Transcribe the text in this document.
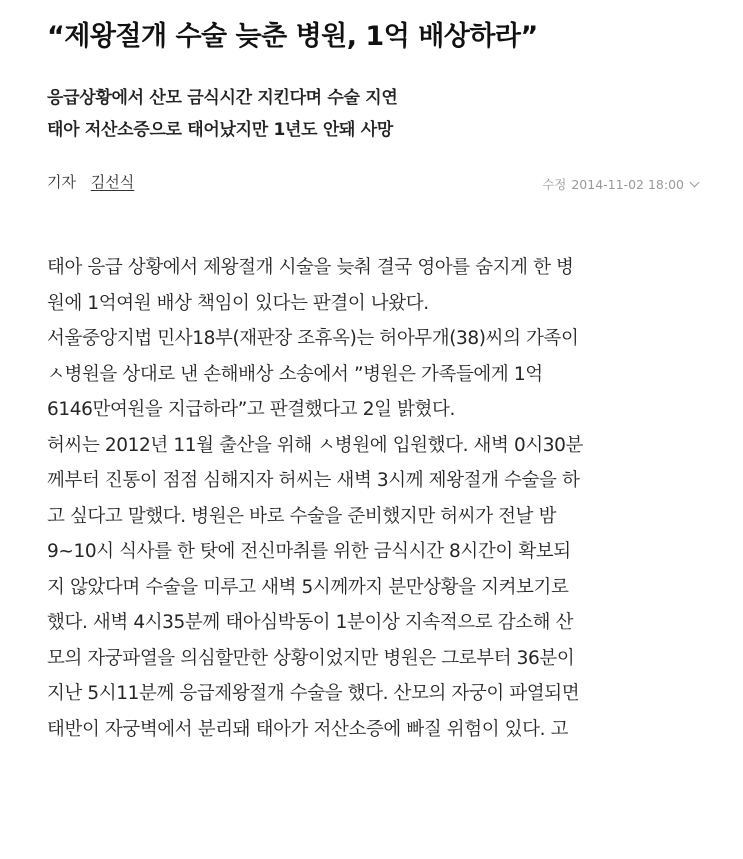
“제왕절개 수술 늦춘 병원, 1억 배상하라”
응급상황에서 산모 금식시간 지킨다며 수술 지연
태아 저산소증으로 태어났지만 1년도 안돼 사망
기자 김선식	수정 2014-11-02 18:00
태아 응급 상황에서 제왕절개 시술을 늦춰 결국 영아를 숨지게 한 병
원에 1억여원 배상 책임이 있다는 판결이 나왔다.
서울중앙지법 민사18부(재판장 조휴옥)는 허아무개(38)씨의 가족이
ㅅ병원을 상대로 낸 손해배상 소송에서 ”병원은 가족들에게 1억
6146만여원을 지급하라”고 판결했다고 2일 밝혔다.
허씨는 2012년 11월 출산을 위해 ㅅ병원에 입원했다. 새벽 0시30분
께부터 진통이 점점 심해지자 허씨는 새벽 3시께 제왕절개 수술을 하
고 싶다고 말했다. 병원은 바로 수술을 준비했지만 허씨가 전날 밤
9~10시 식사를 한 탓에 전신마취를 위한 금식시간 8시간이 확보되
지 않았다며 수술을 미루고 새벽 5시께까지 분만상황을 지켜보기로
했다. 새벽 4시35분께 태아심박동이 1분이상 지속적으로 감소해 산
모의 자궁파열을 의심할만한 상황이었지만 병원은 그로부터 36분이
지난 5시11분께 응급제왕절개 수술을 했다. 산모의 자궁이 파열되면
태반이 자궁벽에서 분리돼 태아가 저산소증에 빠질 위험이 있다. 고
